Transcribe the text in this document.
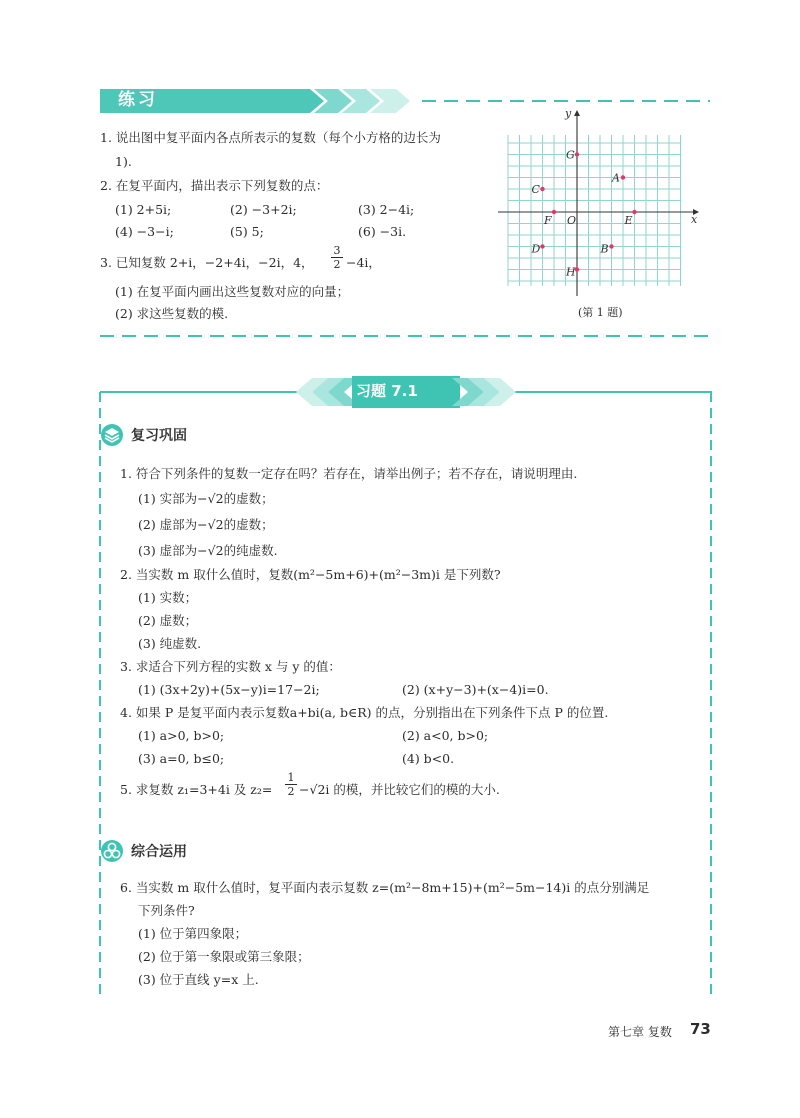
练习
1. 说出图中复平面内各点所表示的复数（每个小方格的边长为
1).
2. 在复平面内，描出表示下列复数的点：
(1) 2+5i;	(2) −3+2i;	(3) 2−4i;
(4) −3−i;	(5) 5;	(6) −3i.
3. 已知复数 2+i，−2+4i，−2i，4， $\frac{3}{2} -4i$，
(1) 在复平面内画出这些复数对应的向量；
(2) 求这些复数的模.
x
y
O
G
A
C
F	E
D	B
H
(第 1 题)
习题 7.1
复习巩固
1. 符合下列条件的复数一定存在吗？若存在，请举出例子；若不存在，请说明理由.
(1) 实部为−√2的虚数；
(2) 虚部为−√2的虚数；
(3) 虚部为−√2的纯虚数.
2. 当实数 m 取什么值时，复数(m²−5m+6)+(m²−3m)i 是下列数?
(1) 实数；
(2) 虚数；
(3) 纯虚数.
3. 求适合下列方程的实数 x 与 y 的值：
(1) (3x+2y)+(5x−y)i=17−2i;	(2) (x+y−3)+(x−4)i=0.
4. 如果 P 是复平面内表示复数a+bi(a, b∈R) 的点，分别指出在下列条件下点 P 的位置.
(1) a>0, b>0;	(2) a<0, b>0;
(3) a=0, b≤0;	(4) b<0.
5. 求复数 z₁=3+4i 及 $z_2= \frac{1}{2} -√2i$ 的模，并比较它们的模的大小.
综合运用
6. 当实数 m 取什么值时，复平面内表示复数 z=(m²−8m+15)+(m²−5m−14)i 的点分别满足
下列条件?
(1) 位于第四象限；
(2) 位于第一象限或第三象限；
(3) 位于直线 y=x 上.
第七章 复数 73
